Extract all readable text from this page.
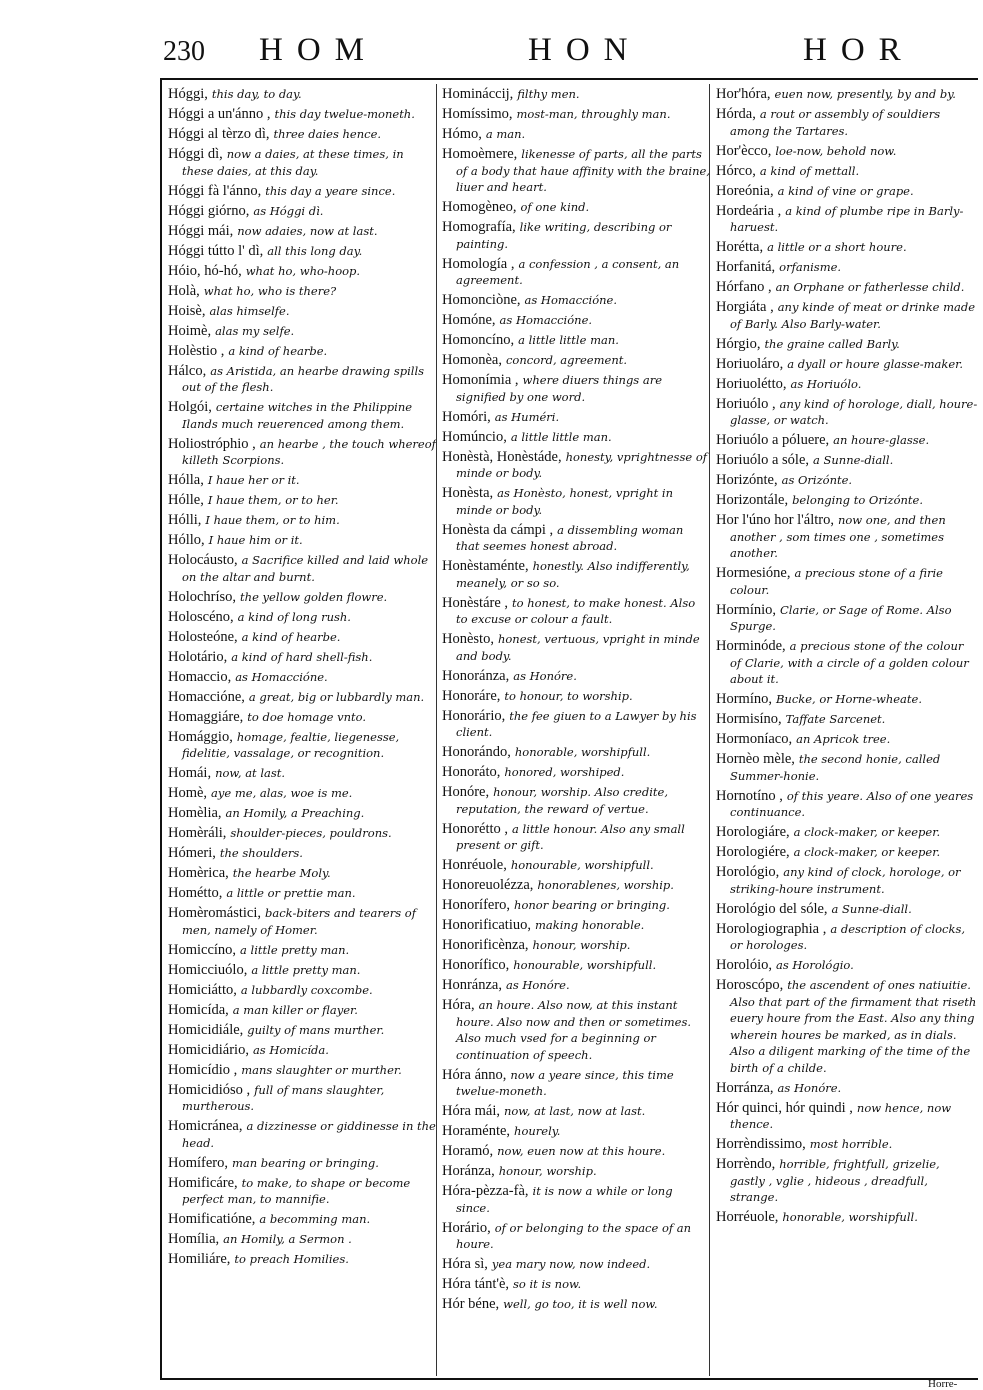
230 HOM	HON	HOR
Hóggi, this day, to day.
Hóggi a un'ánno , this day twelue-moneth.
Hóggi al tèrzo dì, three daies hence.
Hóggi dì, now a daies, at these times, in these daies, at this day.
Hóggi fà l'ánno, this day a yeare since.
Hóggi giórno, as Hóggi dì.
Hóggi mái, now adaies, now at last.
Hóggi tútto l' dì, all this long day.
Hóio, hó-hó, what ho, who-hoop.
Holà, what ho, who is there?
Hoisè, alas himselfe.
Hoimè, alas my selfe.
Holèstio , a kind of hearbe.
Hálco, as Aristida, an hearbe drawing spills out of the flesh.
Holgói, certaine witches in the Philippine Ilands much reuerenced among them.
Holiostróphio , an hearbe , the touch whereof killeth Scorpions.
Hólla, I haue her or it.
Hólle, I haue them, or to her.
Hólli, I haue them, or to him.
Hóllo, I haue him or it.
Holocáusto, a Sacrifice killed and laid whole on the altar and burnt.
Holochríso, the yellow golden flowre.
Holoscéno, a kind of long rush.
Holosteóne, a kind of hearbe.
Holotário, a kind of hard shell-fish.
Homaccio, as Homaccióne.
Homaccióne, a great, big or lubbardly man.
Homaggiáre, to doe homage vnto.
Homággio, homage, fealtie, liegenesse, fidelitie, vassalage, or recognition.
Homái, now, at last.
Homè, aye me, alas, woe is me.
Homèlia, an Homily, a Preaching.
Homèráli, shoulder-pieces, pouldrons.
Hómeri, the shoulders.
Homèrica, the hearbe Moly.
Hométto, a little or prettie man.
Homèromástici, back-biters and tearers of men, namely of Homer.
Homiccíno, a little pretty man.
Homicciuólo, a little pretty man.
Homiciátto, a lubbardly coxcombe.
Homicída, a man killer or flayer.
Homicidiále, guilty of mans murther.
Homicidiário, as Homicída.
Homicídio , mans slaughter or murther.
Homicidióso , full of mans slaughter, murtherous.
Homicránea, a dizzinesse or giddinesse in the head.
Homífero, man bearing or bringing.
Homificáre, to make, to shape or become perfect man, to mannifie.
Homificatióne, a becomming man.
Homília, an Homily, a Sermon .
Homiliáre, to preach Homilies.
Homináccij, filthy men.
Homíssimo, most-man, throughly man.
Hómo, a man.
Homoèmere, likenesse of parts, all the parts of a body that haue affinity with the braine, liuer and heart.
Homogèneo, of one kind.
Homografía, like writing, describing or painting.
Homología , a confession , a consent, an agreement.
Homonciòne, as Homaccióne.
Homóne, as Homaccióne.
Homoncíno, a little little man.
Homonèa, concord, agreement.
Homonímia , where diuers things are signified by one word.
Homóri, as Huméri.
Homúncio, a little little man.
Honèstà, Honèstáde, honesty, vprightnesse of minde or body.
Honèsta, as Honèsto, honest, vpright in minde or body.
Honèsta da cámpi , a dissembling woman that seemes honest abroad.
Honèstaménte, honestly. Also indifferently, meanely, or so so.
Honèstáre , to honest, to make honest. Also to excuse or colour a fault.
Honèsto, honest, vertuous, vpright in minde and body.
Honoránza, as Honóre.
Honoráre, to honour, to worship.
Honorário, the fee giuen to a Lawyer by his client.
Honorándo, honorable, worshipfull.
Honoráto, honored, worshiped.
Honóre, honour, worship. Also credite, reputation, the reward of vertue.
Honorétto , a little honour. Also any small present or gift.
Honréuole, honourable, worshipfull.
Honoreuolézza, honorablenes, worship.
Honorífero, honor bearing or bringing.
Honorificatiuo, making honorable.
Honorificènza, honour, worship.
Honorífico, honourable, worshipfull.
Honránza, as Honóre.
Hóra, an houre. Also now, at this instant houre. Also now and then or sometimes. Also much vsed for a beginning or continuation of speech.
Hóra ánno, now a yeare since, this time twelue-moneth.
Hóra mái, now, at last, now at last.
Horaménte, hourely.
Horamó, now, euen now at this houre.
Horánza, honour, worship.
Hóra-pèzza-fà, it is now a while or long since.
Horário, of or belonging to the space of an houre.
Hóra sì, yea mary now, now indeed.
Hóra tánt'è, so it is now.
Hór béne, well, go too, it is well now.
Hor'hóra, euen now, presently, by and by.
Hórda, a rout or assembly of souldiers among the Tartares.
Hor'ècco, loe-now, behold now.
Hórco, a kind of mettall.
Horeónia, a kind of vine or grape.
Hordeária , a kind of plumbe ripe in Barly-haruest.
Horétta, a little or a short houre.
Horfanitá, orfanisme.
Hórfano , an Orphane or fatherlesse child.
Horgiáta , any kinde of meat or drinke made of Barly. Also Barly-water.
Hórgio, the graine called Barly.
Horiuoláro, a dyall or houre glasse-maker.
Horiuolétto, as Horiuólo.
Horiuólo , any kind of horologe, diall, houre-glasse, or watch.
Horiuólo a póluere, an houre-glasse.
Horiuólo a sóle, a Sunne-diall.
Horizónte, as Orizónte.
Horizontále, belonging to Orizónte.
Hor l'úno hor l'áltro, now one, and then another , som times one , sometimes another.
Hormesióne, a precious stone of a firie colour.
Hormínio, Clarie, or Sage of Rome. Also Spurge.
Horminóde, a precious stone of the colour of Clarie, with a circle of a golden colour about it.
Hormíno, Bucke, or Horne-wheate.
Hormisíno, Taffate Sarcenet.
Hormoníaco, an Apricok tree.
Hornèo mèle, the second honie, called Summer-honie.
Hornotíno , of this yeare. Also of one yeares continuance.
Horologiáre, a clock-maker, or keeper.
Horologiére, a clock-maker, or keeper.
Horológio, any kind of clock, horologe, or striking-houre instrument.
Horológio del sóle, a Sunne-diall.
Horologiographia , a description of clocks, or horologes.
Horolóio, as Horológio.
Horoscópo, the ascendent of ones natiuitie. Also that part of the firmament that riseth euery houre from the East. Also any thing wherein houres be marked, as in dials. Also a diligent marking of the time of the birth of a childe.
Horránza, as Honóre.
Hór quinci, hór quindi , now hence, now thence.
Horrèndissimo, most horrible.
Horrèndo, horrible, frightfull, grizelie, gastly , vglie , hideous , dreadfull, strange.
Horréuole, honorable, worshipfull.
Horre-
